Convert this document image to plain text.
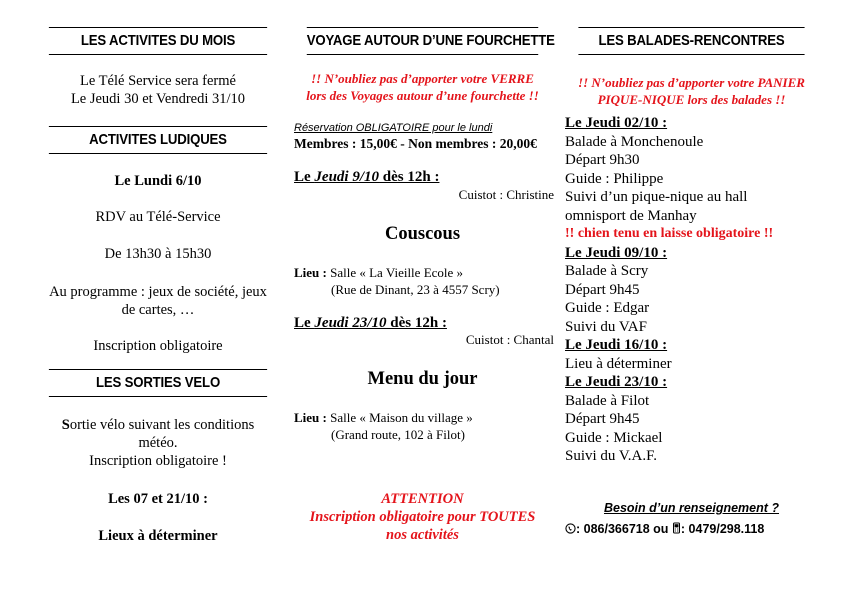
LES ACTIVITES DU MOIS
Le Télé Service sera fermé
Le Jeudi 30 et Vendredi 31/10
ACTIVITES LUDIQUES
Le Lundi 6/10
RDV au Télé-Service
De 13h30 à 15h30
Au programme : jeux de société, jeux
de cartes, …
Inscription obligatoire
LES SORTIES VELO
Sortie vélo suivant les conditions
météo.
Inscription obligatoire !
Les 07 et 21/10 :
Lieux à déterminer
VOYAGE AUTOUR D’UNE FOURCHETTE
!! N’oubliez pas d’apporter votre VERRE
lors des Voyages autour d’une fourchette !!
Réservation OBLIGATOIRE pour le lundi
Membres : 15,00€ - Non membres : 20,00€
Le Jeudi 9/10 dès 12h :
Cuistot : Christine
Couscous
Lieu : Salle « La Vieille Ecole »
(Rue de Dinant, 23 à 4557 Scry)
Le Jeudi 23/10 dès 12h :
Cuistot : Chantal
Menu du jour
Lieu : Salle « Maison du village »
(Grand route, 102 à Filot)
ATTENTION
Inscription obligatoire pour TOUTES
nos activités
LES BALADES-RENCONTRES
!! N’oubliez pas d’apporter votre PANIER
PIQUE-NIQUE lors des balades !!
Le Jeudi 02/10 :
Balade à Monchenoule
Départ 9h30
Guide : Philippe
Suivi d’un pique-nique au hall
omnisport de Manhay
!! chien tenu en laisse obligatoire !!
Le Jeudi 09/10 :
Balade à Scry
Départ 9h45
Guide : Edgar
Suivi du VAF
Le Jeudi 16/10 :
Lieu à déterminer
Le Jeudi 23/10 :
Balade à Filot
Départ 9h45
Guide : Mickael
Suivi du V.A.F.
Besoin d’un renseignement ?
: 086/366718 ou : 0479/298.118
